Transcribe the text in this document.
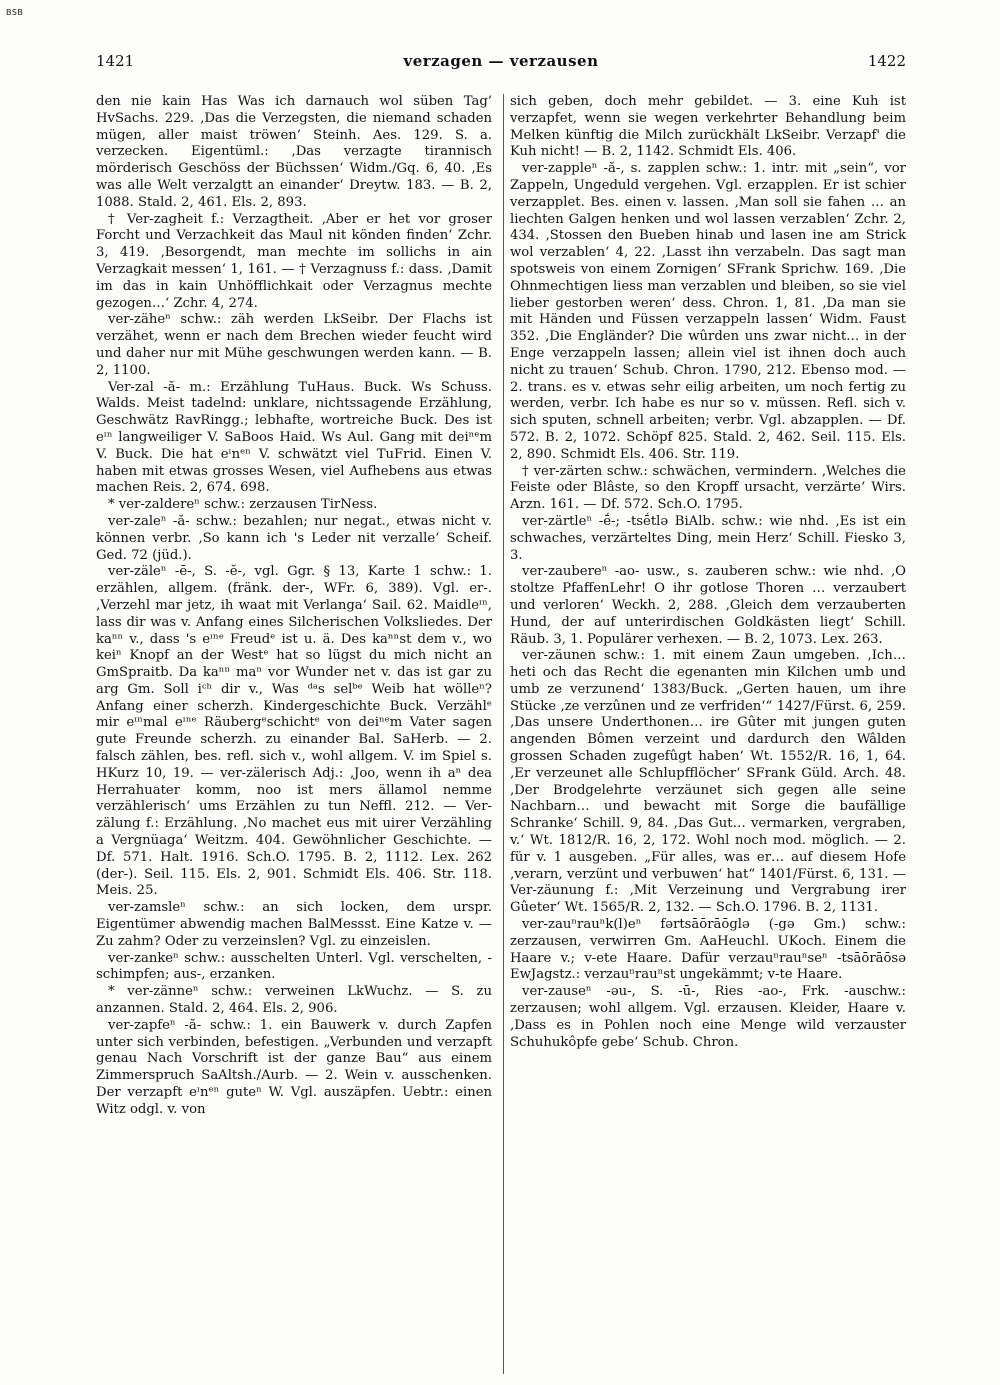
BSB
1421	verzagen — verzausen	1422

den nie kain Has Was ich darnauch wol süben Tag‘ HvSachs. 229. ‚Das die Verzegsten, die niemand schaden mügen, aller maist tröwen‘ Steinh. Aes. 129. S. a. verzecken. Eigentüml.: ‚Das verzagte tirannisch mörderisch Geschöss der Büchssen‘ Widm./Gq. 6, 40. ‚Es was alle Welt verzalgtt an einander‘ Dreytw. 183. — B. 2, 1088. Stald. 2, 461. Els. 2, 893.

† Ver-zagheit f.: Verzagtheit. ‚Aber er het vor groser Forcht und Verzachkeit das Maul nit könden finden‘ Zchr. 3, 419. ‚Besorgendt, man mechte im sollichs in ain Verzagkait messen‘ 1, 161. — † Verzagnuss f.: dass. ‚Damit im das in kain Unhöfflichkait oder Verzagnus mechte gezogen…‘ Zchr. 4, 274.

ver-zäheⁿ schw.: zäh werden LkSeibr. Der Flachs ist verzähet, wenn er nach dem Brechen wieder feucht wird und daher nur mit Mühe geschwungen werden kann. — B. 2, 1100.

Ver-zal -ă- m.: Erzählung TuHaus. Buck. Ws Schuss. Walds. Meist tadelnd: unklare, nichtssagende Erzählung, Geschwätz RavRingg.; lebhafte, wortreiche Buck. Des ist eᶦⁿ langweiliger V. SaBoos Haid. Ws Aul. Gang mit deiⁿᵉm V. Buck. Die hat eᶦnᵉⁿ V. schwätzt viel TuFrid. Einen V. haben mit etwas grosses Wesen, viel Aufhebens aus etwas machen Reis. 2, 674. 698.

* ver-zaldereⁿ schw.: zerzausen TirNess.

ver-zaleⁿ -ă- schw.: bezahlen; nur negat., etwas nicht v. können verbr. ‚So kann ich 's Leder nit verzalle‘ Scheif. Ged. 72 (jüd.).

ver-zäleⁿ -ē-, S. -ĕ-, vgl. Ggr. § 13, Karte 1 schw.: 1. erzählen, allgem. (fränk. der-, WFr. 6, 389). Vgl. er-. ‚Verzehl mar jetz, ih waat mit Verlanga‘ Sail. 62. Maidleᶦⁿ, lass dir was v. Anfang eines Silcherischen Volksliedes. Der kaⁿⁿ v., dass 's eᶦⁿᵉ Freudᵉ ist u. ä. Des kaⁿⁿst dem v., wo keiⁿ Knopf an der Westᵉ hat so lügst du mich nicht an GmSpraitb. Da kaⁿⁿ maⁿ vor Wunder net v. das ist gar zu arg Gm. Soll iᶜʰ dir v., Was ᵈᵃs selᵇᵉ Weib hat wölleⁿ? Anfang einer scherzh. Kindergeschichte Buck. Verzählᵉ mir eᶦⁿmal eᶦⁿᵉ Räubergᵉschichtᵉ von deiⁿᵉm Vater sagen gute Freunde scherzh. zu einander Bal. SaHerb. — 2. falsch zählen, bes. refl. sich v., wohl allgem. V. im Spiel s. HKurz 10, 19. — ver-zälerisch Adj.: ‚Joo, wenn ih aⁿ dea Herrahuater komm, noo ist mers ällamol nemme verzählerisch‘ ums Erzählen zu tun Neffl. 212. — Ver-zälung f.: Erzählung. ‚No machet eus mit uirer Verzähling a Vergnüaga‘ Weitzm. 404. Gewöhnlicher Geschichte. — Df. 571. Halt. 1916. Sch.O. 1795. B. 2, 1112. Lex. 262 (der-). Seil. 115. Els. 2, 901. Schmidt Els. 406. Str. 118. Meis. 25.

ver-zamsleⁿ schw.: an sich locken, dem urspr. Eigentümer abwendig machen BalMessst. Eine Katze v. — Zu zahm? Oder zu verzeinslen? Vgl. zu einzeislen.

ver-zankeⁿ schw.: ausschelten Unterl. Vgl. verschelten, -schimpfen; aus-, erzanken.

* ver-zänneⁿ schw.: verweinen LkWuchz. — S. zu anzannen. Stald. 2, 464. Els. 2, 906.

ver-zapfeⁿ -ă- schw.: 1. ein Bauwerk v. durch Zapfen unter sich verbinden, befestigen. „Verbunden und verzapft genau Nach Vorschrift ist der ganze Bau“ aus einem Zimmerspruch SaAltsh./Aurb. — 2. Wein v. ausschenken. Der verzapft eᶦnᵉⁿ guteⁿ W. Vgl. auszäpfen. Uebtr.: einen Witz odgl. v. von

sich geben, doch mehr gebildet. — 3. eine Kuh ist verzapfet, wenn sie wegen verkehrter Behandlung beim Melken künftig die Milch zurückhält LkSeibr. Verzapf' die Kuh nicht! — B. 2, 1142. Schmidt Els. 406.

ver-zappleⁿ -ă-, s. zapplen schw.: 1. intr. mit „sein“, vor Zappeln, Ungeduld vergehen. Vgl. erzapplen. Er ist schier verzapplet. Bes. einen v. lassen. ‚Man soll sie fahen … an liechten Galgen henken und wol lassen verzablen‘ Zchr. 2, 434. ‚Stossen den Bueben hinab und lasen ine am Strick wol verzablen‘ 4, 22. ‚Lasst ihn verzabeln. Das sagt man spotsweis von einem Zornigen‘ SFrank Sprichw. 169. ‚Die Ohnmechtigen liess man verzablen und bleiben, so sie viel lieber gestorben weren‘ dess. Chron. 1, 81. ‚Da man sie mit Händen und Füssen verzappeln lassen‘ Widm. Faust 352. ‚Die Engländer? Die wûrden uns zwar nicht… in der Enge verzappeln lassen; allein viel ist ihnen doch auch nicht zu trauen‘ Schub. Chron. 1790, 212. Ebenso mod. — 2. trans. es v. etwas sehr eilig arbeiten, um noch fertig zu werden, verbr. Ich habe es nur so v. müssen. Refl. sich v. sich sputen, schnell arbeiten; verbr. Vgl. abzapplen. — Df. 572. B. 2, 1072. Schöpf 825. Stald. 2, 462. Seil. 115. Els. 2, 890. Schmidt Els. 406. Str. 119.

† ver-zärten schw.: schwächen, vermindern. ‚Welches die Feiste oder Blâste, so den Kropff ursacht, verzärte‘ Wirs. Arzn. 161. — Df. 572. Sch.O. 1795.

ver-zärtleⁿ -ḗ-; -tsḗtlǝ BiAlb. schw.: wie nhd. ‚Es ist ein schwaches, verzärteltes Ding, mein Herz‘ Schill. Fiesko 3, 3.

ver-zaubereⁿ -ao- usw., s. zauberen schw.: wie nhd. ‚O stoltze PfaffenLehr! O ihr gotlose Thoren … verzaubert und verloren‘ Weckh. 2, 288. ‚Gleich dem verzauberten Hund, der auf unterirdischen Goldkästen liegt‘ Schill. Räub. 3, 1. Populärer verhexen. — B. 2, 1073. Lex. 263.

ver-zäunen schw.: 1. mit einem Zaun umgeben. ‚Ich… heti och das Recht die egenanten min Kilchen umb und umb ze verzunend‘ 1383/Buck. „Gerten hauen, um ihre Stücke ‚ze verzûnen und ze verfriden‘“ 1427/Fürst. 6, 259. ‚Das unsere Underthonen… ire Gûter mit jungen guten angenden Bômen verzeint und dardurch den Wâlden grossen Schaden zugefûgt haben‘ Wt. 1552/R. 16, 1, 64. ‚Er verzeunet alle Schlupfflöcher‘ SFrank Güld. Arch. 48. ‚Der Brodgelehrte verzäunet sich gegen alle seine Nachbarn… und bewacht mit Sorge die baufällige Schranke‘ Schill. 9, 84. ‚Das Gut… vermarken, vergraben, v.‘ Wt. 1812/R. 16, 2, 172. Wohl noch mod. möglich. — 2. für v. 1 ausgeben. „Für alles, was er… auf diesem Hofe ‚verarn, verzünt und verbuwen‘ hat“ 1401/Fürst. 6, 131. — Ver-zäunung f.: ‚Mit Verzeinung und Vergrabung irer Gûeter‘ Wt. 1565/R. 2, 132. — Sch.O. 1796. B. 2, 1131.

ver-zauⁿrauⁿk(l)eⁿ fǝrtsāōrāōglǝ (-gǝ Gm.) schw.: zerzausen, verwirren Gm. AaHeuchl. UKoch. Einem die Haare v.; v-ete Haare. Dafür verzauⁿrauⁿseⁿ -tsāōrāōsǝ EwJagstz.: verzauⁿrauⁿst ungekämmt; v-te Haare.

ver-zauseⁿ -ǝu-, S. -ū-, Ries -ao-, Frk. -auschw.: zerzausen; wohl allgem. Vgl. erzausen. Kleider, Haare v. ‚Dass es in Pohlen noch eine Menge wild verzauster Schuhukôpfe gebe‘ Schub. Chron.
